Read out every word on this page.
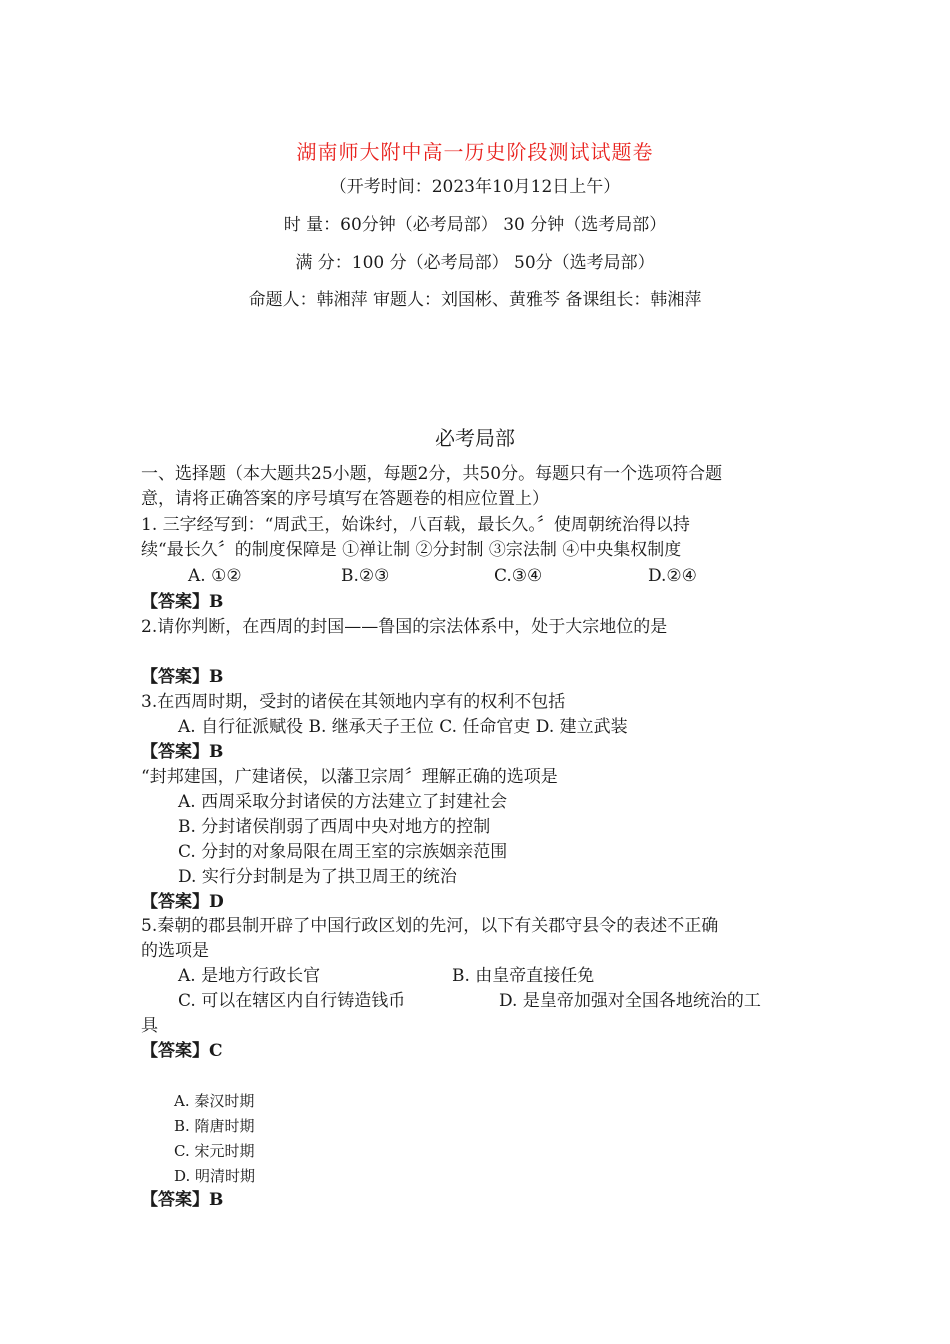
湖南师大附中高一历史阶段测试试题卷
（开考时间：2023年10月12日上午）
时 量：60分钟（必考局部） 30 分钟（选考局部）
满 分：100 分（必考局部） 50分（选考局部）
命题人：韩湘萍 审题人：刘国彬、黄雅芩 备课组长：韩湘萍
必考局部
一、选择题（本大题共25小题，每题2分，共50分。每题只有一个选项符合题
意，请将正确答案的序号填写在答题卷的相应位置上）
1. 三字经写到：“周武王，始诛纣，八百载，最长久。〞使周朝统治得以持
续“最长久〞的制度保障是 ①禅让制 ②分封制 ③宗法制 ④中央集权制度
A. ①②	B.②③	C.③④	D.②④
【答案】B
2.请你判断，在西周的封国——鲁国的宗法体系中，处于大宗地位的是
【答案】B
3.在西周时期，受封的诸侯在其领地内享有的权利不包括
A. 自行征派赋役 B. 继承天子王位 C. 任命官吏 D. 建立武装
【答案】B
“封邦建国，广建诸侯，以藩卫宗周〞理解正确的选项是
A. 西周采取分封诸侯的方法建立了封建社会
B. 分封诸侯削弱了西周中央对地方的控制
C. 分封的对象局限在周王室的宗族姻亲范围
D. 实行分封制是为了拱卫周王的统治
【答案】D
5.秦朝的郡县制开辟了中国行政区划的先河，以下有关郡守县令的表述不正确
的选项是
A. 是地方行政长官	B. 由皇帝直接任免
C. 可以在辖区内自行铸造钱币	D. 是皇帝加强对全国各地统治的工
具
【答案】C
A. 秦汉时期
B. 隋唐时期
C. 宋元时期
D. 明清时期
【答案】B
